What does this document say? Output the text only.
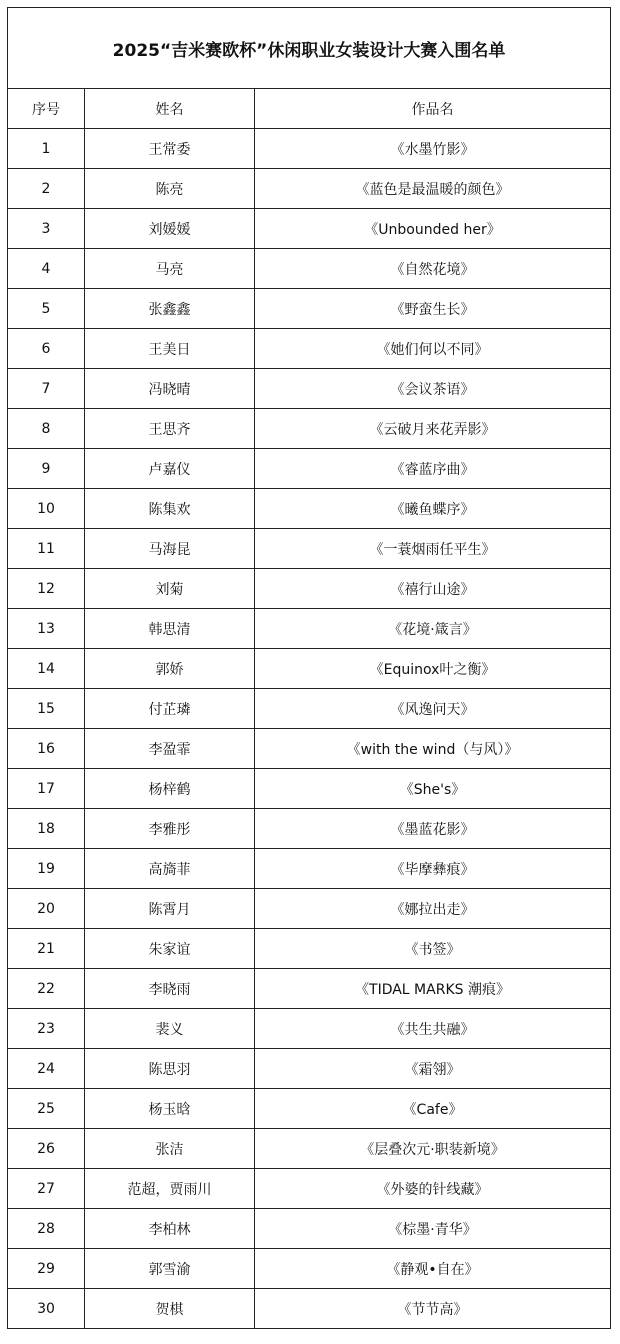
2025“吉米赛欧杯”休闲职业女装设计大赛入围名单		
序号	姓名	作品名
1	王常委	《水墨竹影》
2	陈亮	《蓝色是最温暖的颜色》
3	刘媛媛	《Unbounded her》
4	马亮	《自然花境》
5	张鑫鑫	《野蛮生长》
6	王美日	《她们何以不同》
7	冯晓晴	《会议茶语》
8	王思齐	《云破月来花弄影》
9	卢嘉仪	《睿蓝序曲》
10	陈集欢	《曦鱼蝶序》
11	马海昆	《一蓑烟雨任平生》
12	刘菊	《禧行山途》
13	韩思清	《花境·箴言》
14	郭娇	《Equinox叶之衡》
15	付芷璘	《风逸问天》
16	李盈霏	《with the wind（与风）》
17	杨梓鹤	《She's》
18	李雅彤	《墨蓝花影》
19	高旖菲	《毕摩彝痕》
20	陈霄月	《娜拉出走》
21	朱家谊	《书签》
22	李晓雨	《TIDAL MARKS 潮痕》
23	裴义	《共生共融》
24	陈思羽	《霜翎》
25	杨玉晗	《Cafe》
26	张洁	《层叠次元·职装新境》
27	范超，贾雨川	《外婆的针线藏》
28	李柏林	《棕墨·青华》
29	郭雪渝	《静观•自在》
30	贺棋	《节节高》
